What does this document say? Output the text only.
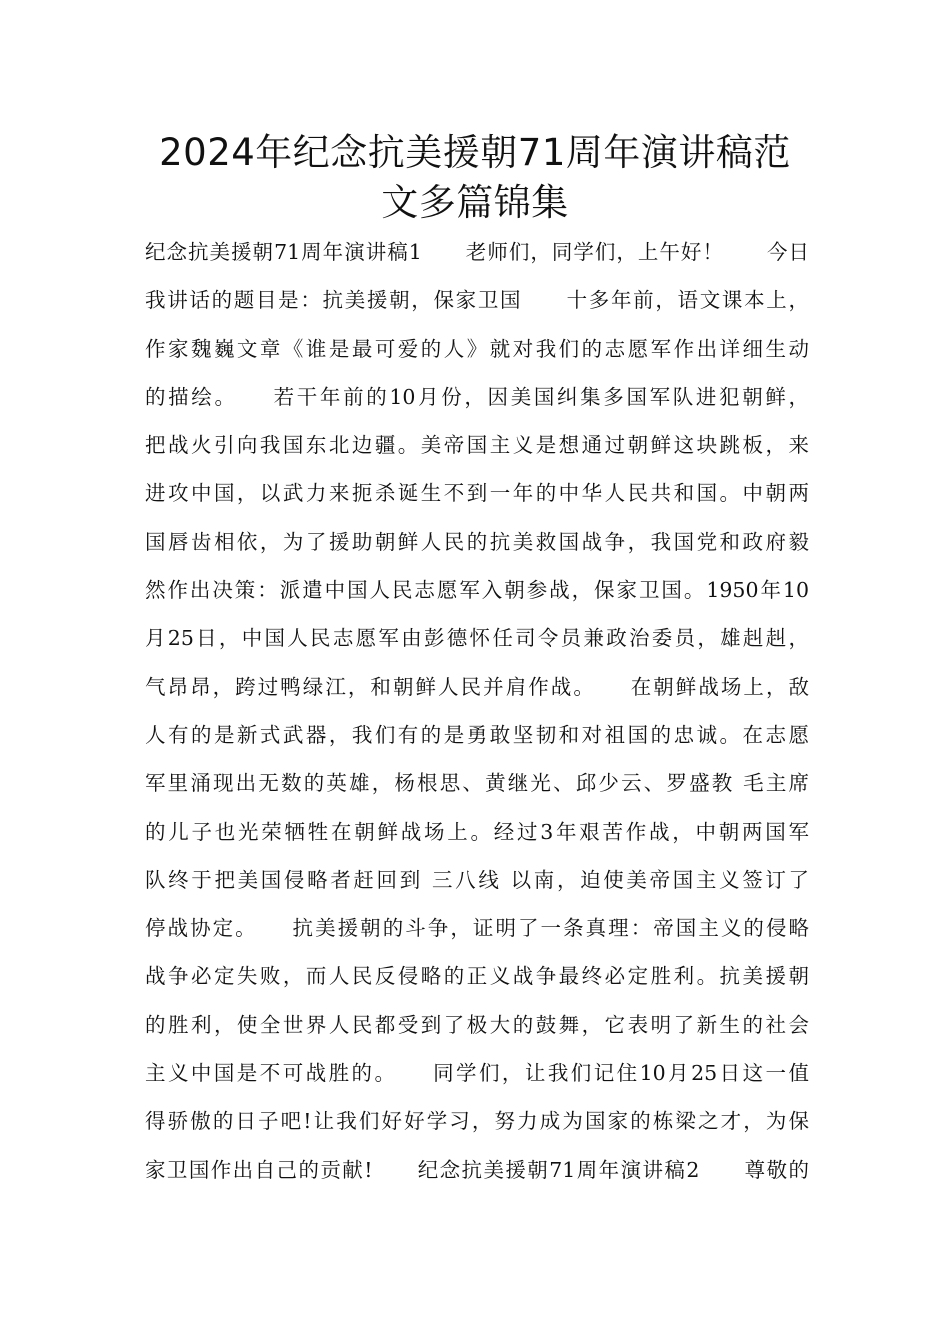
2024年纪念抗美援朝71周年演讲稿范
文多篇锦集
纪念抗美援朝71周年演讲稿1　　老师们，同学们，上午好！　　今日
我讲话的题目是：抗美援朝，保家卫国　　十多年前，语文课本上，
作家魏巍文章《谁是最可爱的人》就对我们的志愿军作出详细生动
的描绘。　　若干年前的10月份，因美国纠集多国军队进犯朝鲜，
把战火引向我国东北边疆。美帝国主义是想通过朝鲜这块跳板，来
进攻中国，以武力来扼杀诞生不到一年的中华人民共和国。中朝两
国唇齿相依，为了援助朝鲜人民的抗美救国战争，我国党和政府毅
然作出决策：派遣中国人民志愿军入朝参战，保家卫国。1950年10
月25日，中国人民志愿军由彭德怀任司令员兼政治委员，雄赳赳，
气昂昂，跨过鸭绿江，和朝鲜人民并肩作战。　　在朝鲜战场上，敌
人有的是新式武器，我们有的是勇敢坚韧和对祖国的忠诚。在志愿
军里涌现出无数的英雄，杨根思、黄继光、邱少云、罗盛教 毛主席
的儿子也光荣牺牲在朝鲜战场上。经过3年艰苦作战，中朝两国军
队终于把美国侵略者赶回到 三八线 以南，迫使美帝国主义签订了
停战协定。　　抗美援朝的斗争，证明了一条真理：帝国主义的侵略
战争必定失败，而人民反侵略的正义战争最终必定胜利。抗美援朝
的胜利，使全世界人民都受到了极大的鼓舞，它表明了新生的社会
主义中国是不可战胜的。　　同学们，让我们记住10月25日这一值
得骄傲的日子吧!让我们好好学习，努力成为国家的栋梁之才，为保
家卫国作出自己的贡献!　　纪念抗美援朝71周年演讲稿2　　尊敬的
